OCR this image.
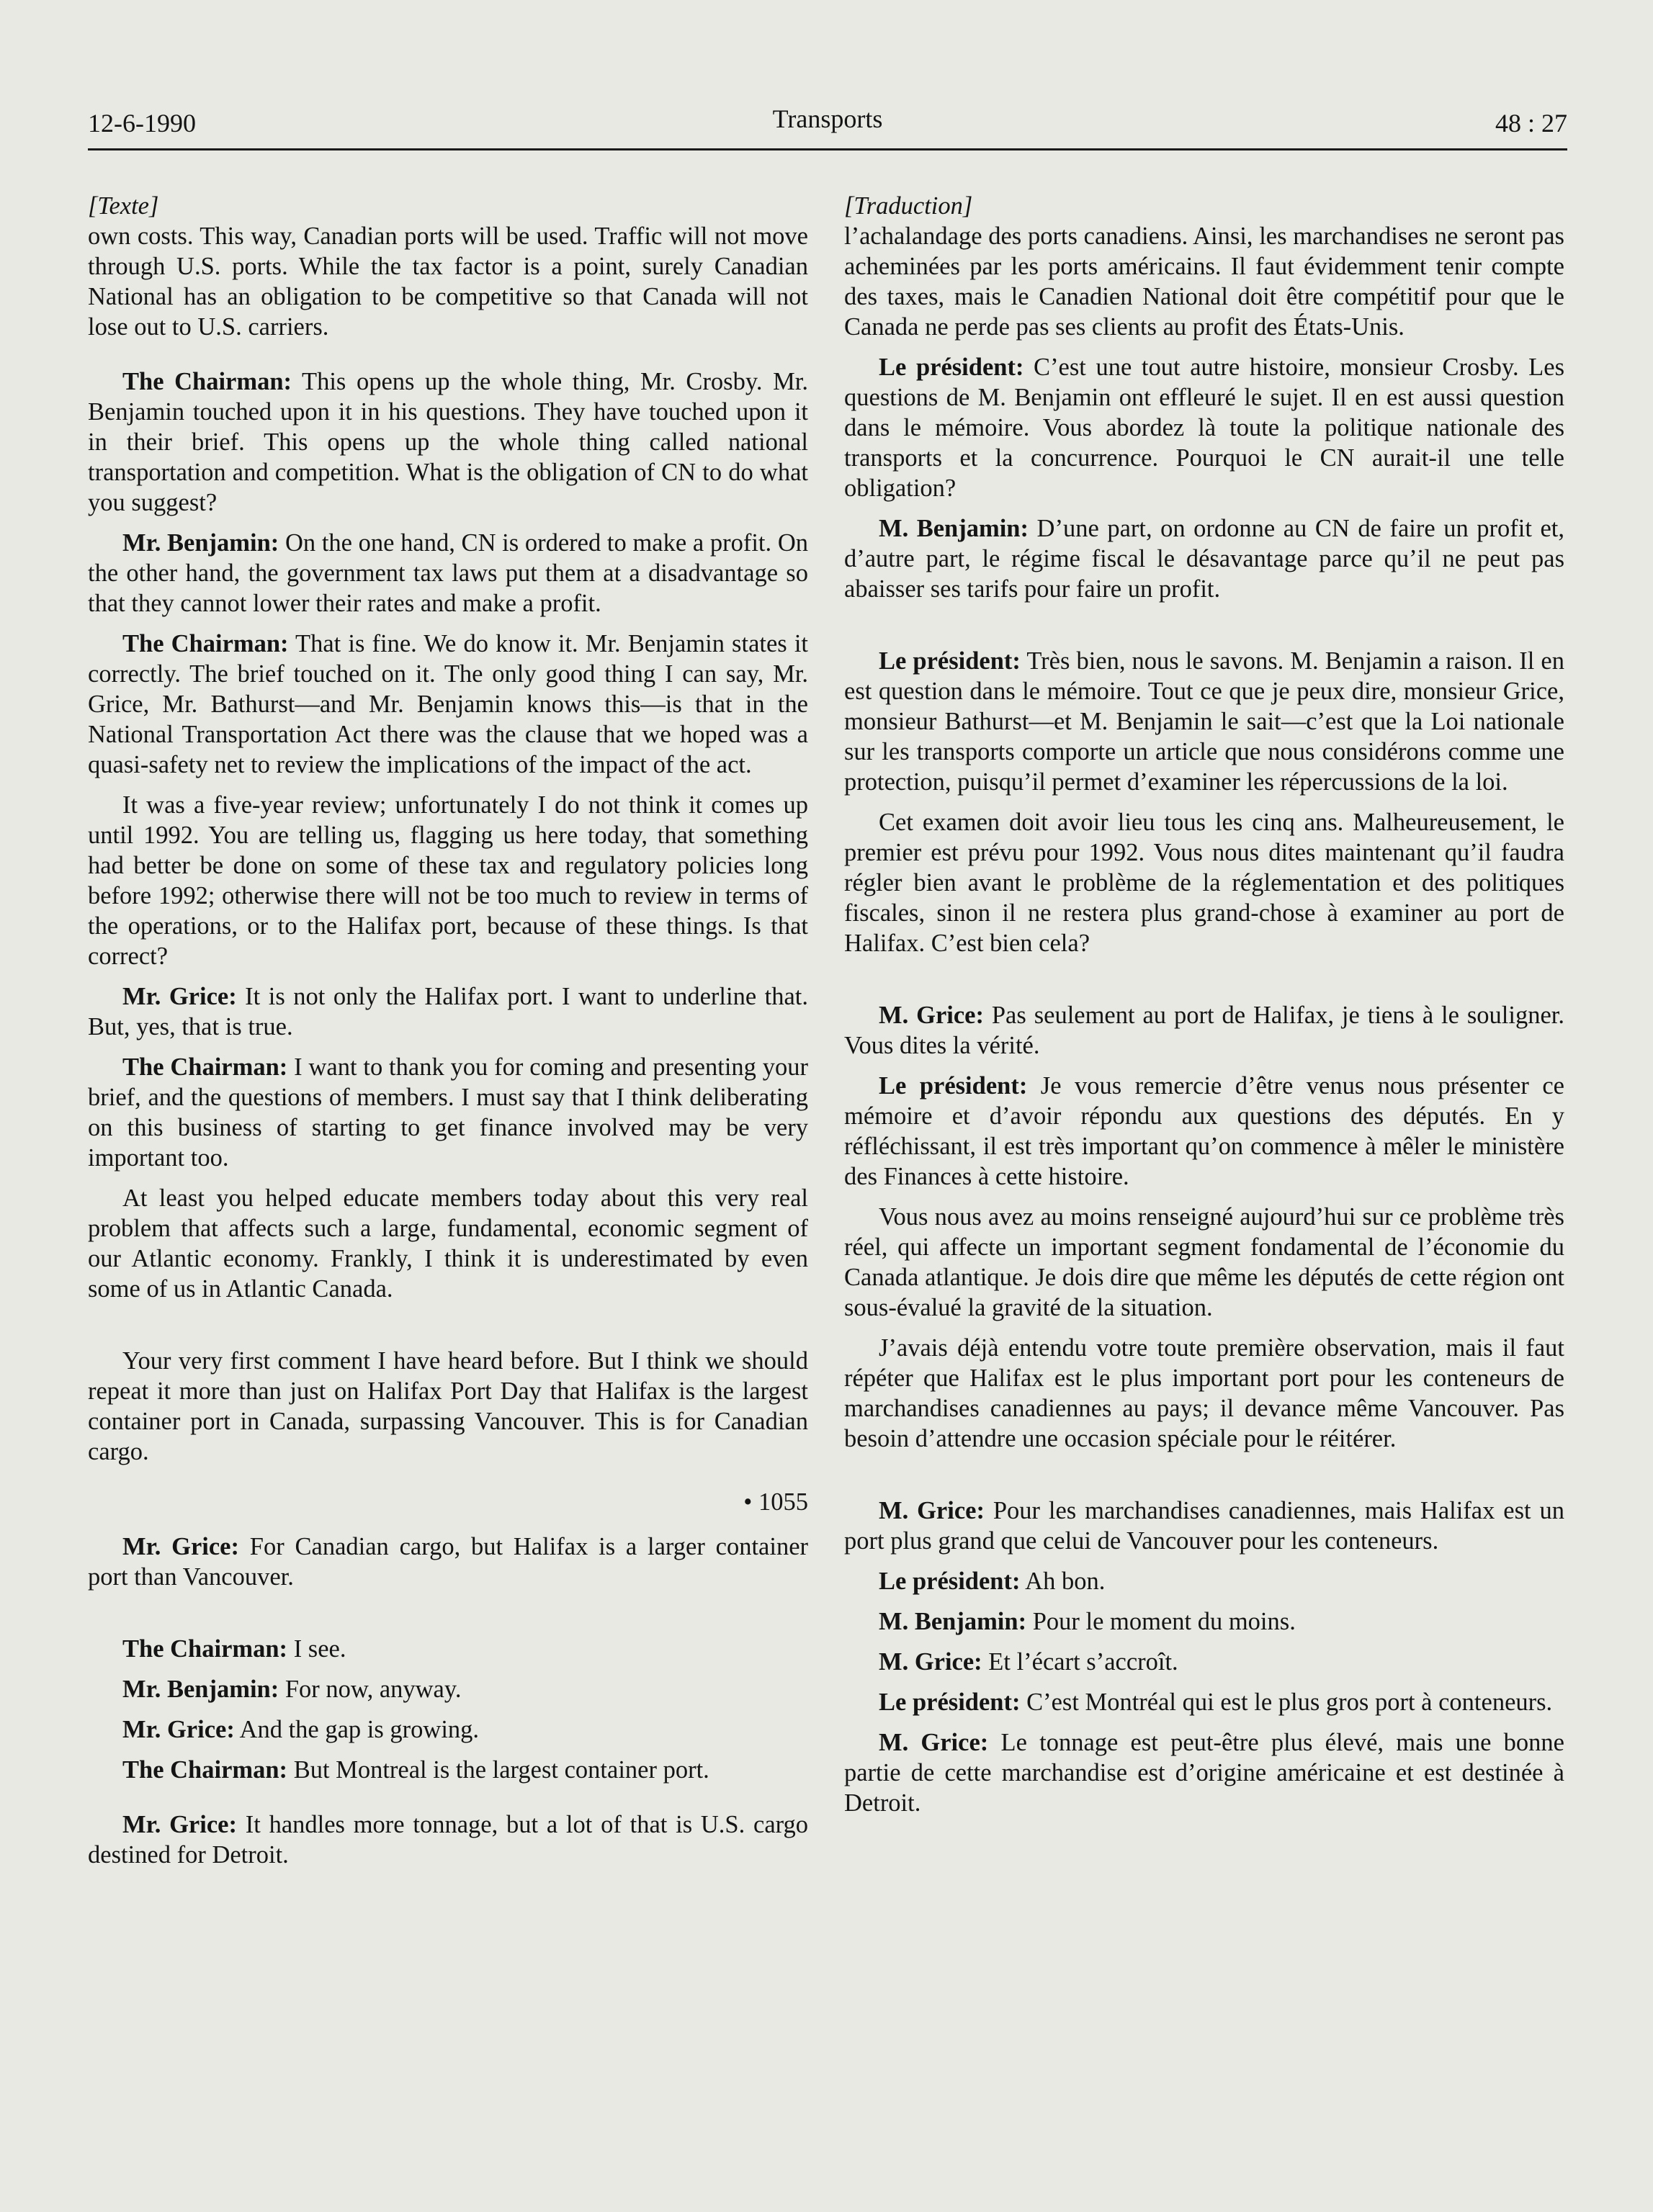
12-6-1990	Transports	48 : 27

[Texte]

own costs. This way, Canadian ports will be used. Traffic will not move through U.S. ports. While the tax factor is a point, surely Canadian National has an obligation to be competitive so that Canada will not lose out to U.S. carriers.

The Chairman: This opens up the whole thing, Mr. Crosby. Mr. Benjamin touched upon it in his questions. They have touched upon it in their brief. This opens up the whole thing called national transportation and competition. What is the obligation of CN to do what you suggest?

Mr. Benjamin: On the one hand, CN is ordered to make a profit. On the other hand, the government tax laws put them at a disadvantage so that they cannot lower their rates and make a profit.

The Chairman: That is fine. We do know it. Mr. Benjamin states it correctly. The brief touched on it. The only good thing I can say, Mr. Grice, Mr. Bathurst—and Mr. Benjamin knows this—is that in the National Transportation Act there was the clause that we hoped was a quasi-safety net to review the implications of the impact of the act.

It was a five-year review; unfortunately I do not think it comes up until 1992. You are telling us, flagging us here today, that something had better be done on some of these tax and regulatory policies long before 1992; otherwise there will not be too much to review in terms of the operations, or to the Halifax port, because of these things. Is that correct?

Mr. Grice: It is not only the Halifax port. I want to underline that. But, yes, that is true.

The Chairman: I want to thank you for coming and presenting your brief, and the questions of members. I must say that I think deliberating on this business of starting to get finance involved may be very important too.

At least you helped educate members today about this very real problem that affects such a large, fundamental, economic segment of our Atlantic economy. Frankly, I think it is underestimated by even some of us in Atlantic Canada.

Your very first comment I have heard before. But I think we should repeat it more than just on Halifax Port Day that Halifax is the largest container port in Canada, surpassing Vancouver. This is for Canadian cargo.

• 1055

Mr. Grice: For Canadian cargo, but Halifax is a larger container port than Vancouver.

The Chairman: I see.

Mr. Benjamin: For now, anyway.

Mr. Grice: And the gap is growing.

The Chairman: But Montreal is the largest container port.

Mr. Grice: It handles more tonnage, but a lot of that is U.S. cargo destined for Detroit.

[Traduction]

l’achalandage des ports canadiens. Ainsi, les marchandises ne seront pas acheminées par les ports américains. Il faut évidemment tenir compte des taxes, mais le Canadien National doit être compétitif pour que le Canada ne perde pas ses clients au profit des États-Unis.

Le président: C’est une tout autre histoire, monsieur Crosby. Les questions de M. Benjamin ont effleuré le sujet. Il en est aussi question dans le mémoire. Vous abordez là toute la politique nationale des transports et la concurrence. Pourquoi le CN aurait-il une telle obligation?

M. Benjamin: D’une part, on ordonne au CN de faire un profit et, d’autre part, le régime fiscal le désavantage parce qu’il ne peut pas abaisser ses tarifs pour faire un profit.

Le président: Très bien, nous le savons. M. Benjamin a raison. Il en est question dans le mémoire. Tout ce que je peux dire, monsieur Grice, monsieur Bathurst—et M. Benjamin le sait—c’est que la Loi nationale sur les transports comporte un article que nous considérons comme une protection, puisqu’il permet d’examiner les répercussions de la loi.

Cet examen doit avoir lieu tous les cinq ans. Malheureusement, le premier est prévu pour 1992. Vous nous dites maintenant qu’il faudra régler bien avant le problème de la réglementation et des politiques fiscales, sinon il ne restera plus grand-chose à examiner au port de Halifax. C’est bien cela?

M. Grice: Pas seulement au port de Halifax, je tiens à le souligner. Vous dites la vérité.

Le président: Je vous remercie d’être venus nous présenter ce mémoire et d’avoir répondu aux questions des députés. En y réfléchissant, il est très important qu’on commence à mêler le ministère des Finances à cette histoire.

Vous nous avez au moins renseigné aujourd’hui sur ce problème très réel, qui affecte un important segment fondamental de l’économie du Canada atlantique. Je dois dire que même les députés de cette région ont sous-évalué la gravité de la situation.

J’avais déjà entendu votre toute première observation, mais il faut répéter que Halifax est le plus important port pour les conteneurs de marchandises canadiennes au pays; il devance même Vancouver. Pas besoin d’attendre une occasion spéciale pour le réitérer.

M. Grice: Pour les marchandises canadiennes, mais Halifax est un port plus grand que celui de Vancouver pour les conteneurs.

Le président: Ah bon.

M. Benjamin: Pour le moment du moins.

M. Grice: Et l’écart s’accroît.

Le président: C’est Montréal qui est le plus gros port à conteneurs.

M. Grice: Le tonnage est peut-être plus élevé, mais une bonne partie de cette marchandise est d’origine américaine et est destinée à Detroit.
